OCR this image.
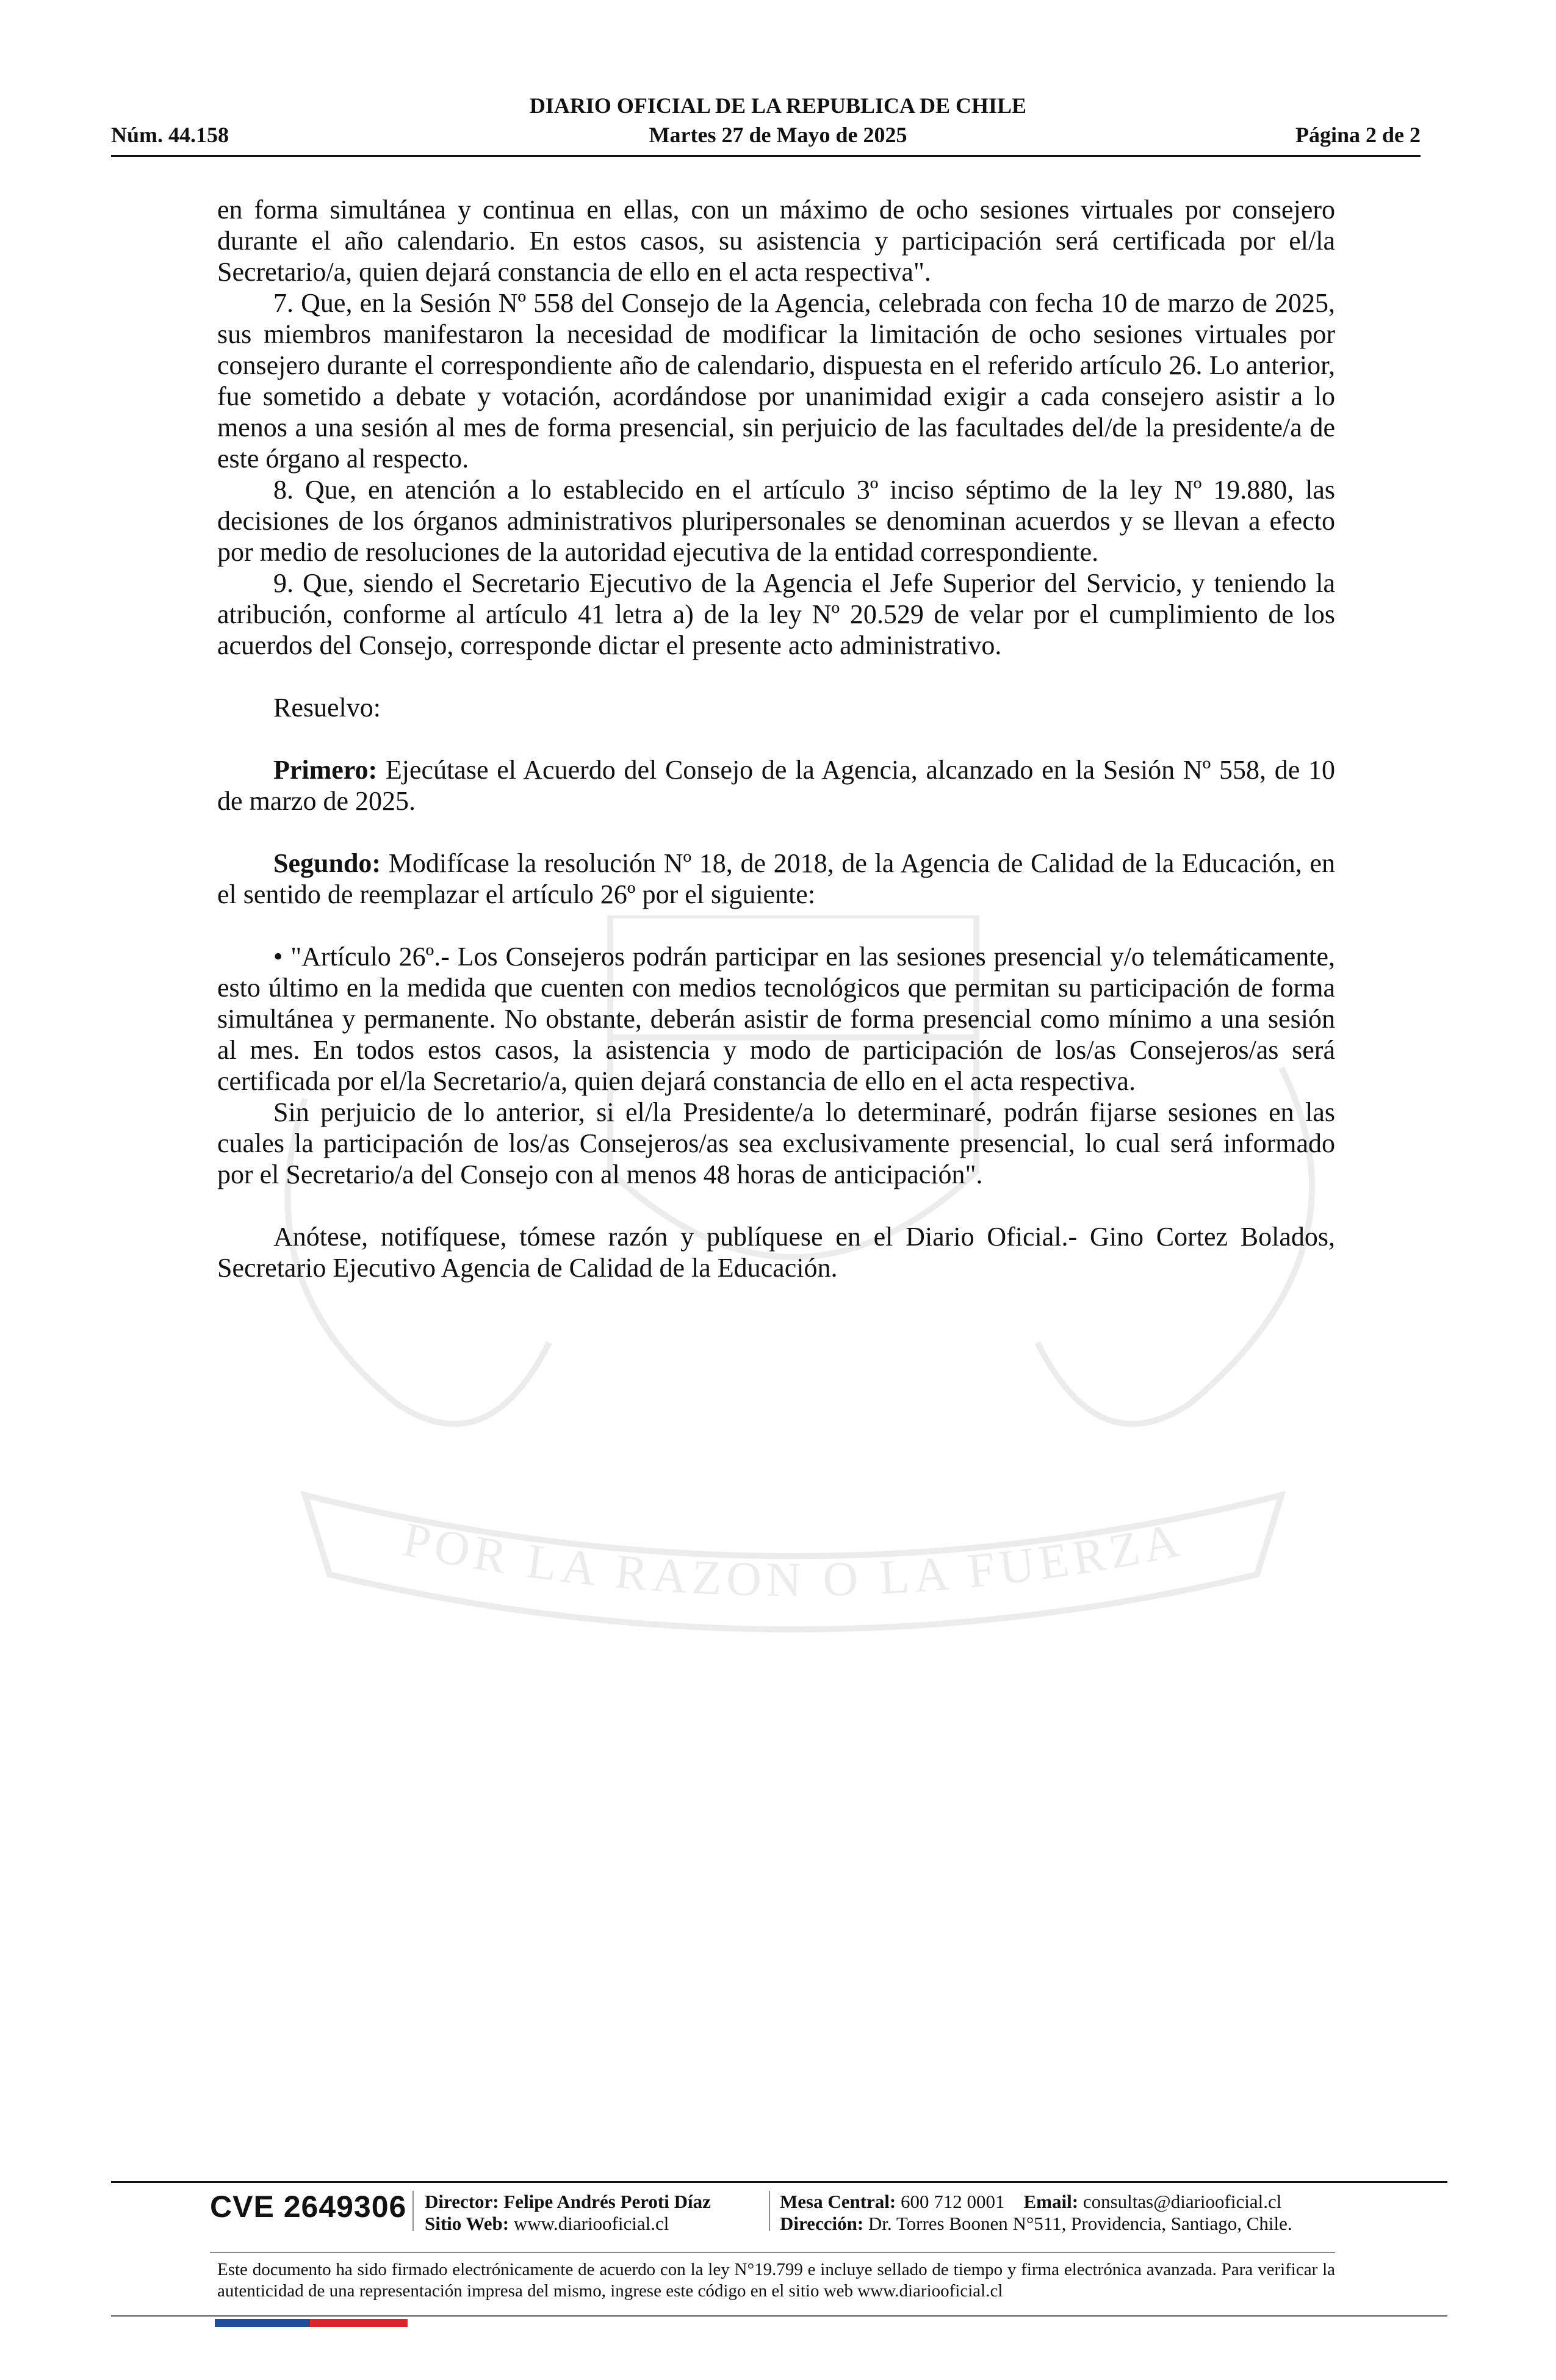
DIARIO OFICIAL DE LA REPUBLICA DE CHILE
Núm. 44.158	Martes 27 de Mayo de 2025	Página 2 de 2
POR LA RAZON O LA FUERZA

en forma simultánea y continua en ellas, con un máximo de ocho sesiones virtuales por consejero durante el año calendario. En estos casos, su asistencia y participación será certificada por el/la Secretario/a, quien dejará constancia de ello en el acta respectiva".

7. Que, en la Sesión Nº 558 del Consejo de la Agencia, celebrada con fecha 10 de marzo de 2025, sus miembros manifestaron la necesidad de modificar la limitación de ocho sesiones virtuales por consejero durante el correspondiente año de calendario, dispuesta en el referido artículo 26. Lo anterior, fue sometido a debate y votación, acordándose por unanimidad exigir a cada consejero asistir a lo menos a una sesión al mes de forma presencial, sin perjuicio de las facultades del/de la presidente/a de este órgano al respecto.

8. Que, en atención a lo establecido en el artículo 3º inciso séptimo de la ley Nº 19.880, las decisiones de los órganos administrativos pluripersonales se denominan acuerdos y se llevan a efecto por medio de resoluciones de la autoridad ejecutiva de la entidad correspondiente.

9. Que, siendo el Secretario Ejecutivo de la Agencia el Jefe Superior del Servicio, y teniendo la atribución, conforme al artículo 41 letra a) de la ley Nº 20.529 de velar por el cumplimiento de los acuerdos del Consejo, corresponde dictar el presente acto administrativo.

Resuelvo:

Primero: Ejecútase el Acuerdo del Consejo de la Agencia, alcanzado en la Sesión Nº 558, de 10 de marzo de 2025.

Segundo: Modifícase la resolución Nº 18, de 2018, de la Agencia de Calidad de la Educación, en el sentido de reemplazar el artículo 26º por el siguiente:

• "Artículo 26º.- Los Consejeros podrán participar en las sesiones presencial y/o telemáticamente, esto último en la medida que cuenten con medios tecnológicos que permitan su participación de forma simultánea y permanente. No obstante, deberán asistir de forma presencial como mínimo a una sesión al mes. En todos estos casos, la asistencia y modo de participación de los/as Consejeros/as será certificada por el/la Secretario/a, quien dejará constancia de ello en el acta respectiva.

Sin perjuicio de lo anterior, si el/la Presidente/a lo determinaré, podrán fijarse sesiones en las cuales la participación de los/as Consejeros/as sea exclusivamente presencial, lo cual será informado por el Secretario/a del Consejo con al menos 48 horas de anticipación".

Anótese, notifíquese, tómese razón y publíquese en el Diario Oficial.- Gino Cortez Bolados, Secretario Ejecutivo Agencia de Calidad de la Educación.

CVE 2649306 Director: Felipe Andrés Peroti Díaz
Sitio Web: www.diariooficial.cl
Mesa Central: 600 712 0001 Email: consultas@diariooficial.cl
Dirección: Dr. Torres Boonen N°511, Providencia, Santiago, Chile.
Este documento ha sido firmado electrónicamente de acuerdo con la ley N°19.799 e incluye sellado de tiempo y firma electrónica avanzada. Para verificar la autenticidad de una representación impresa del mismo, ingrese este código en el sitio web www.diariooficial.cl
